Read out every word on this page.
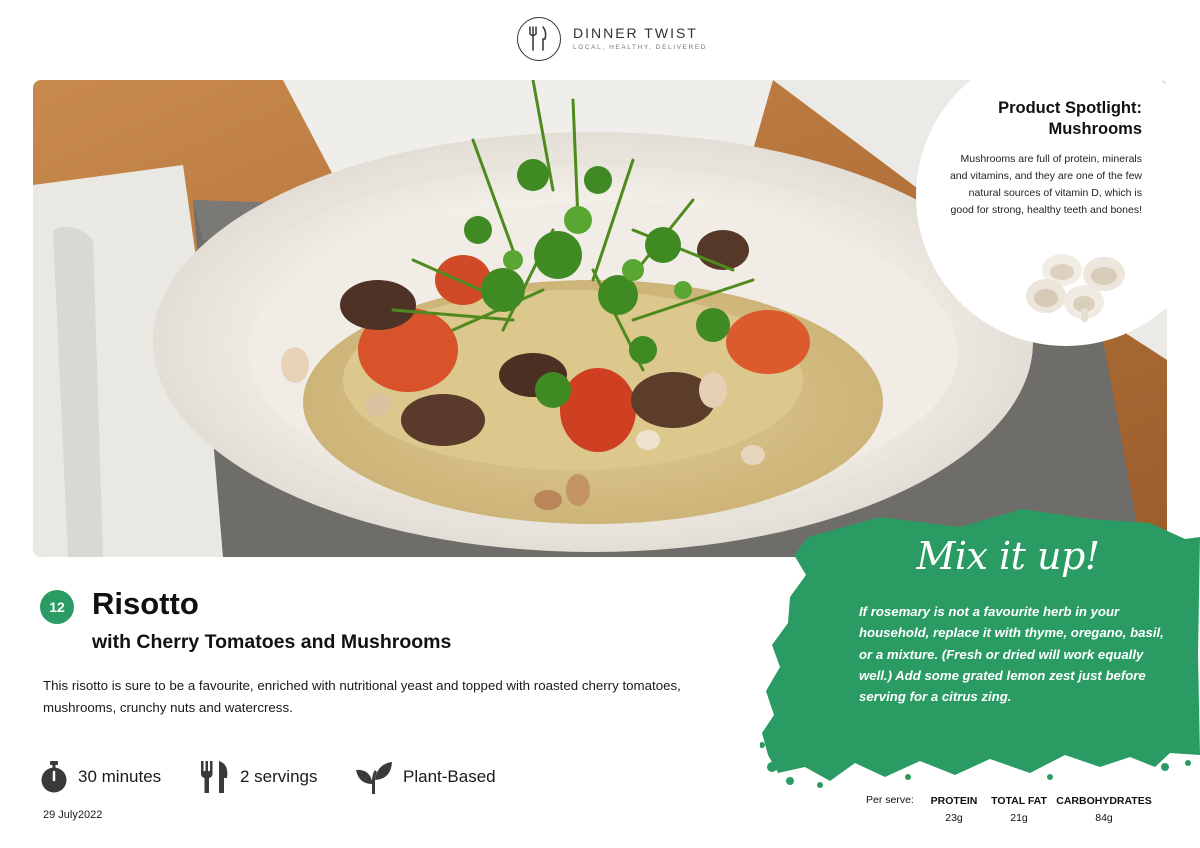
DINNER TWIST
LOCAL, HEALTHY, DELIVERED
Product Spotlight: Mushrooms
Mushrooms are full of protein, minerals and vitamins, and they are one of the few natural sources of vitamin D, which is good for strong, healthy teeth and bones!
Mix it up!
If rosemary is not a favourite herb in your household, replace it with thyme, oregano, basil, or a mixture. (Fresh or dried will work equally well.) Add some grated lemon zest just before serving for a citrus zing.
12 Risotto
with Cherry Tomatoes and Mushrooms
This risotto is sure to be a favourite, enriched with nutritional yeast and topped with roasted cherry tomatoes, mushrooms, crunchy nuts and watercress.
30 minutes	2 servings	Plant-Based
29 July2022
Per serve: PROTEIN
23g
TOTAL FAT
21g
CARBOHYDRATES
84g
